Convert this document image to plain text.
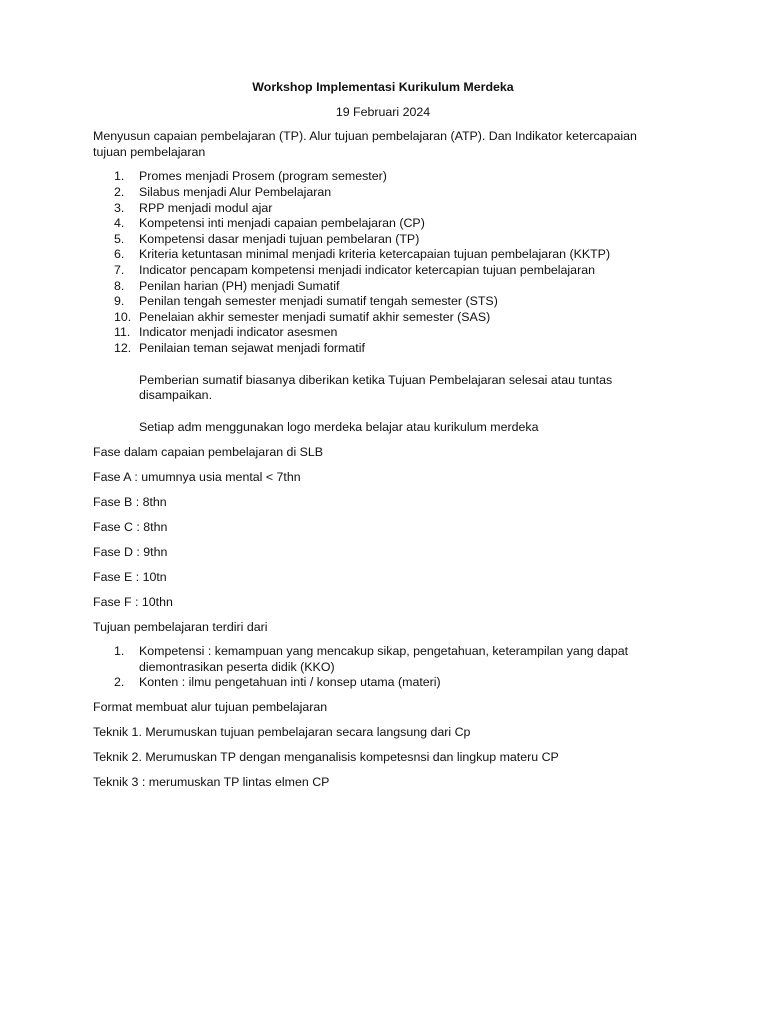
Workshop Implementasi Kurikulum Merdeka

19 Februari 2024

Menyusun capaian pembelajaran (TP). Alur tujuan pembelajaran (ATP). Dan Indikator ketercapaian tujuan pembelajaran

1.	Promes menjadi Prosem (program semester)
2.	Silabus menjadi Alur Pembelajaran
3.	RPP menjadi modul ajar
4.	Kompetensi inti menjadi capaian pembelajaran (CP)
5.	Kompetensi dasar menjadi tujuan pembelaran (TP)
6.	Kriteria ketuntasan minimal menjadi kriteria ketercapaian tujuan pembelajaran (KKTP)
7.	Indicator pencapam kompetensi menjadi indicator ketercapian tujuan pembelajaran
8.	Penilan harian (PH) menjadi Sumatif
9.	Penilan tengah semester menjadi sumatif tengah semester (STS)
10. Penelaian akhir semester menjadi sumatif akhir semester (SAS)
11. Indicator menjadi indicator asesmen
12. Penilaian teman sejawat menjadi formatif

Pemberian sumatif biasanya diberikan ketika Tujuan Pembelajaran selesai atau tuntas disampaikan.

Setiap adm menggunakan logo merdeka belajar atau kurikulum merdeka

Fase dalam capaian pembelajaran di SLB

Fase A : umumnya usia mental < 7thn

Fase B : 8thn

Fase C : 8thn

Fase D : 9thn

Fase E : 10tn

Fase F : 10thn

Tujuan pembelajaran terdiri dari

1.	Kompetensi : kemampuan yang mencakup sikap, pengetahuan, keterampilan yang dapat diemontrasikan peserta didik (KKO)
2.	Konten : ilmu pengetahuan inti / konsep utama (materi)

Format membuat alur tujuan pembelajaran

Teknik 1. Merumuskan tujuan pembelajaran secara langsung dari Cp

Teknik 2. Merumuskan TP dengan menganalisis kompetesnsi dan lingkup materu CP

Teknik 3 : merumuskan TP lintas elmen CP
